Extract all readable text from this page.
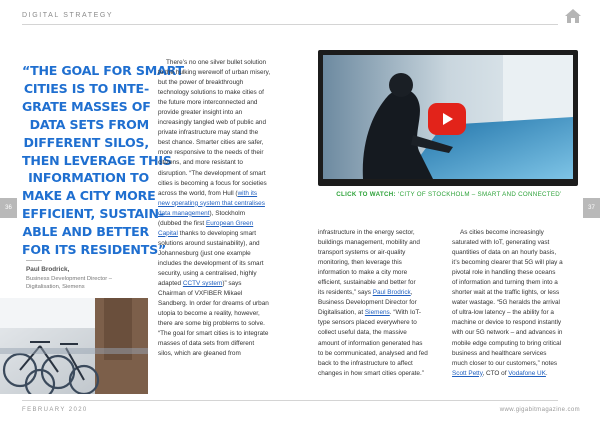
DIGITAL STRATEGY
36	37
“THE GOAL FOR SMART
CITIES IS TO INTE-
GRATE MASSES OF
DATA SETS FROM
DIFFERENT SILOS,
THEN LEVERAGE THIS
INFORMATION TO
MAKE A CITY MORE
EFFICIENT, SUSTAIN-
ABLE AND BETTER
FOR ITS RESIDENTS”
Paul Brodrick,
Business Development Director –
Digitalisation, Siemens
There’s no one silver bullet solution
to the hulking werewolf of urban misery,
but the power of breakthrough
technology solutions to make cities of
the future more interconnected and
provide greater insight into an
increasingly tangled web of public and
private infrastructure may stand the
best chance. Smarter cities are safer,
more responsive to the needs of their
citizens, and more resistant to
disruption. “The development of smart
cities is becoming a focus for societies
across the world, from Hull (with its
new operating system that centralises
data management), Stockholm
(dubbed the first European Green
Capital thanks to developing smart
solutions around sustainability), and
Johannesburg (just one example
includes the development of its smart
security, using a centralised, highly
adapted CCTV system)” says
Chairman of VXFIBER Mikael
Sandberg. In order for dreams of urban
utopia to become a reality, however,
there are some big problems to solve.
“The goal for smart cities is to integrate
masses of data sets from different
silos, which are gleaned from
CLICK TO WATCH: ‘CITY OF STOCKHOLM – SMART AND CONNECTED’
infrastructure in the energy sector,
buildings management, mobility and
transport systems or air-quality
monitoring, then leverage this
information to make a city more
efficient, sustainable and better for
its residents,” says Paul Brodrick,
Business Development Director for
Digitalisation, at Siemens. “With IoT-
type sensors placed everywhere to
collect useful data, the massive
amount of information generated has
to be communicated, analysed and fed
back to the infrastructure to affect
changes in how smart cities operate.”
As cities become increasingly
saturated with IoT, generating vast
quantities of data on an hourly basis,
it’s becoming clearer that 5G will play a
pivotal role in handling these oceans
of information and turning them into a
shorter wait at the traffic lights, or less
water wastage. “5G heralds the arrival
of ultra-low latency – the ability for a
machine or device to respond instantly
with our 5G network – and advances in
mobile edge computing to bring critical
business and healthcare services
much closer to our customers,” notes
Scott Petty, CTO of Vodafone UK.
FEBRUARY 2020	www.gigabitmagazine.com
